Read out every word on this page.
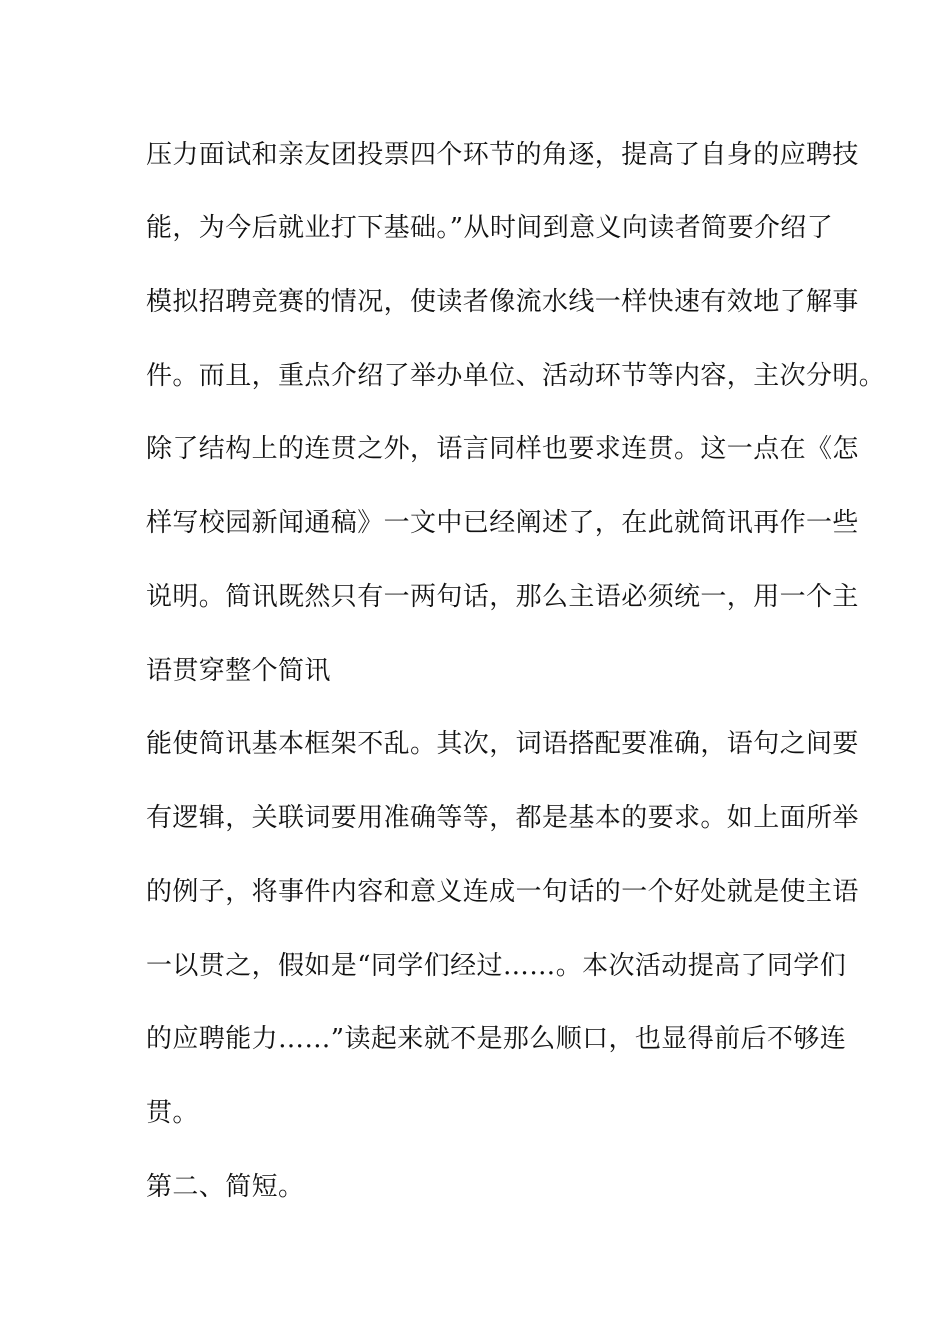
压力面试和亲友团投票四个环节的角逐，提高了自身的应聘技
能，为今后就业打下基础。”从时间到意义向读者简要介绍了
模拟招聘竞赛的情况，使读者像流水线一样快速有效地了解事
件。而且，重点介绍了举办单位、活动环节等内容，主次分明。
除了结构上的连贯之外，语言同样也要求连贯。这一点在《怎
样写校园新闻通稿》一文中已经阐述了，在此就简讯再作一些
说明。简讯既然只有一两句话，那么主语必须统一，用一个主
语贯穿整个简讯
能使简讯基本框架不乱。其次，词语搭配要准确，语句之间要
有逻辑，关联词要用准确等等，都是基本的要求。如上面所举
的例子，将事件内容和意义连成一句话的一个好处就是使主语
一以贯之，假如是“同学们经过……。本次活动提高了同学们
的应聘能力……”读起来就不是那么顺口，也显得前后不够连
贯。
第二、简短。
